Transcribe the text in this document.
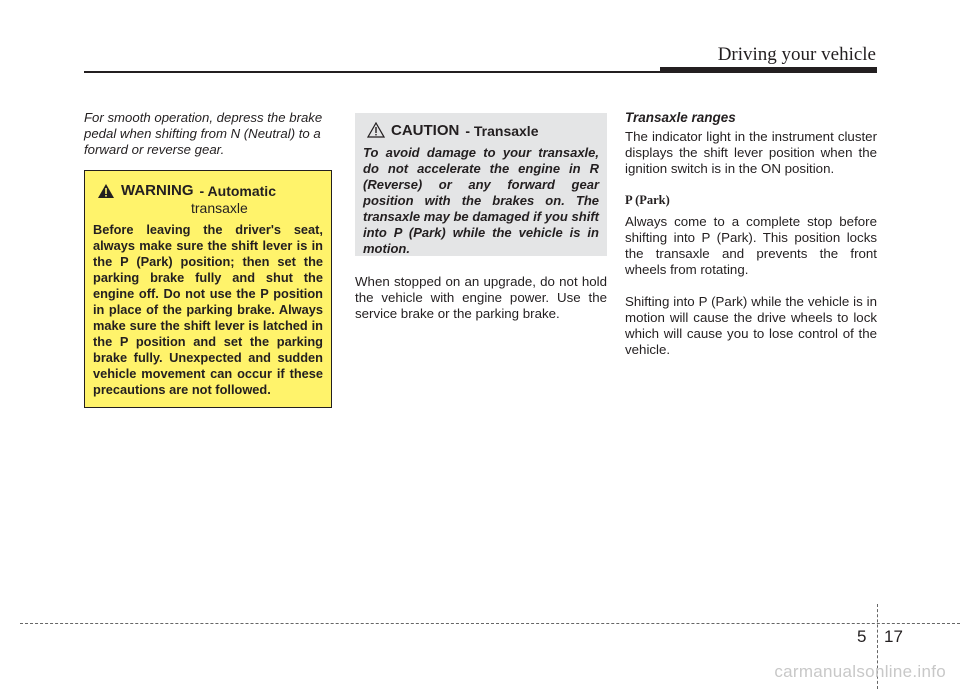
Driving your vehicle

For smooth operation, depress the brake pedal when shifting from N (Neutral) to a forward or reverse gear.

WARNING - Automatic
transaxle

Before leaving the driver's seat, always make sure the shift lever is in the P (Park) position; then set the parking brake fully and shut the engine off. Do not use the P position in place of the parking brake. Always make sure the shift lever is latched in the P position and set the parking brake fully. Unexpected and sudden vehicle movement can occur if these precautions are not followed.

CAUTION - Transaxle

To avoid damage to your transaxle, do not accelerate the engine in R (Reverse) or any forward gear position with the brakes on. The transaxle may be damaged if you shift into P (Park) while the vehicle is in motion.

When stopped on an upgrade, do not hold the vehicle with engine power. Use the service brake or the parking brake.

Transaxle ranges

The indicator light in the instrument cluster displays the shift lever position when the ignition switch is in the ON position.

P (Park)

Always come to a complete stop before shifting into P (Park). This position locks the transaxle and prevents the front wheels from rotating.

Shifting into P (Park) while the vehicle is in motion will cause the drive wheels to lock which will cause you to lose control of the vehicle.

5 17
carmanualsonline.info
